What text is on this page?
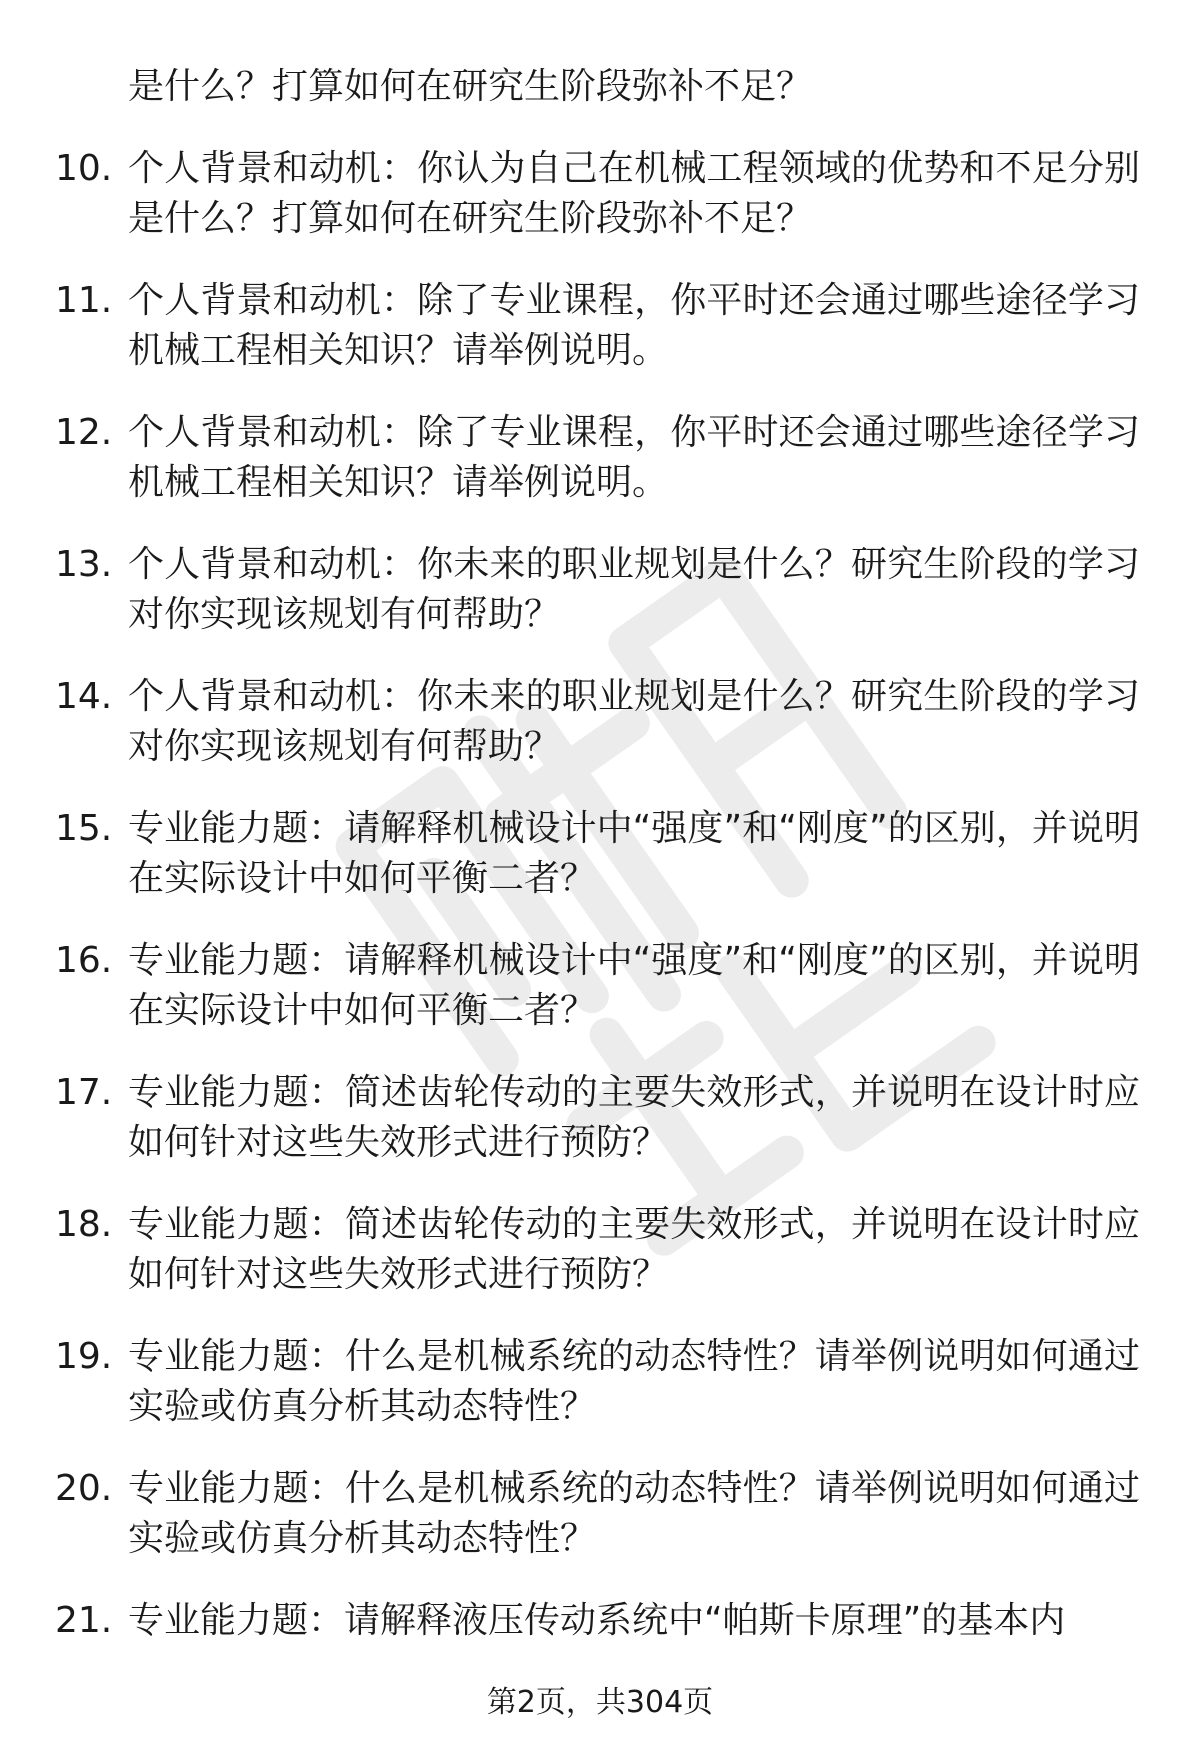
是什么？打算如何在研究生阶段弥补不足？

10. 个人背景和动机：你认为自己在机械工程领域的优势和不足分别是什么？打算如何在研究生阶段弥补不足？
11. 个人背景和动机：除了专业课程，你平时还会通过哪些途径学习机械工程相关知识？请举例说明。
12. 个人背景和动机：除了专业课程，你平时还会通过哪些途径学习机械工程相关知识？请举例说明。
13. 个人背景和动机：你未来的职业规划是什么？研究生阶段的学习对你实现该规划有何帮助？
14. 个人背景和动机：你未来的职业规划是什么？研究生阶段的学习对你实现该规划有何帮助？
15. 专业能力题：请解释机械设计中“强度”和“刚度”的区别，并说明在实际设计中如何平衡二者？
16. 专业能力题：请解释机械设计中“强度”和“刚度”的区别，并说明在实际设计中如何平衡二者？
17. 专业能力题：简述齿轮传动的主要失效形式，并说明在设计时应如何针对这些失效形式进行预防？
18. 专业能力题：简述齿轮传动的主要失效形式，并说明在设计时应如何针对这些失效形式进行预防？
19. 专业能力题：什么是机械系统的动态特性？请举例说明如何通过实验或仿真分析其动态特性？
20. 专业能力题：什么是机械系统的动态特性？请举例说明如何通过实验或仿真分析其动态特性？
21. 专业能力题：请解释液压传动系统中“帕斯卡原理”的基本内
第2页，共304页
